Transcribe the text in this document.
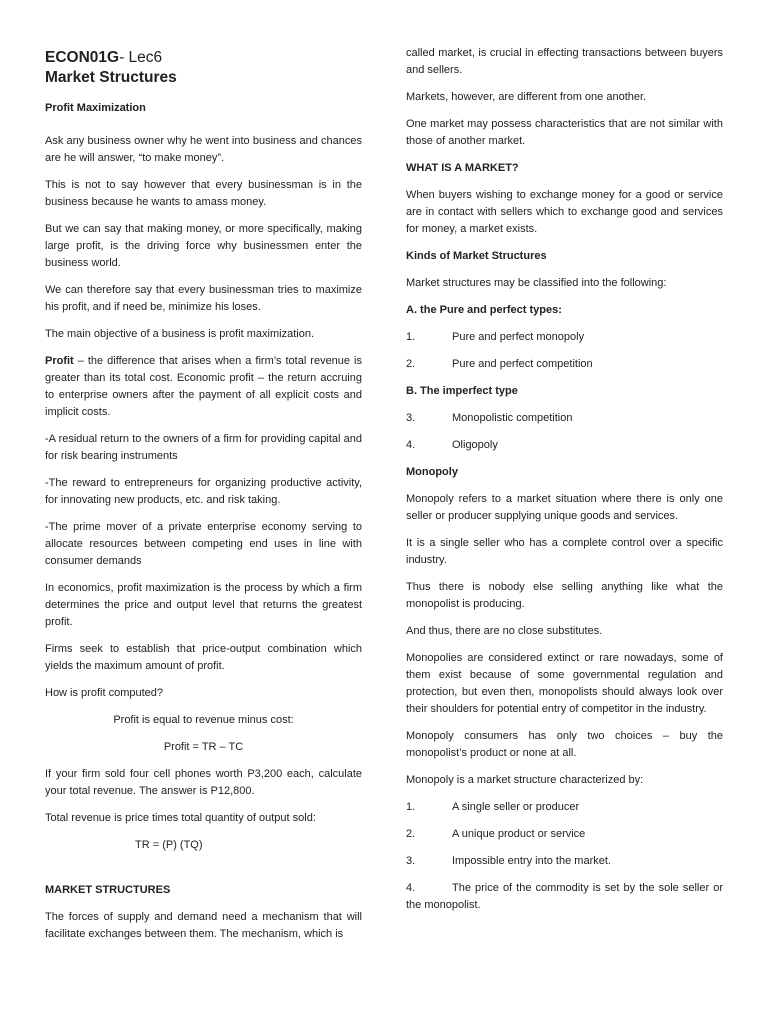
ECON01G- Lec6
Market Structures

Profit Maximization

Ask any business owner why he went into business and chances are he will answer, “to make money”.

This is not to say however that every businessman is in the business because he wants to amass money.

But we can say that making money, or more specifically, making large profit, is the driving force why businessmen enter the business world.

We can therefore say that every businessman tries to maximize his profit, and if need be, minimize his loses.

The main objective of a business is profit maximization.

Profit – the difference that arises when a firm’s total revenue is greater than its total cost. Economic profit – the return accruing to enterprise owners after the payment of all explicit costs and implicit costs.

-A residual return to the owners of a firm for providing capital and for risk bearing instruments

-The reward to entrepreneurs for organizing productive activity, for innovating new products, etc. and risk taking.

-The prime mover of a private enterprise economy serving to allocate resources between competing end uses in line with consumer demands

In economics, profit maximization is the process by which a firm determines the price and output level that returns the greatest profit.

Firms seek to establish that price-output combination which yields the maximum amount of profit.

How is profit computed?

Profit is equal to revenue minus cost:

Profit = TR – TC

If your firm sold four cell phones worth P3,200 each, calculate your total revenue. The answer is P12,800.

Total revenue is price times total quantity of output sold:

TR = (P) (TQ)

MARKET STRUCTURES

The forces of supply and demand need a mechanism that will facilitate exchanges between them. The mechanism, which is

called market, is crucial in effecting transactions between buyers and sellers.

Markets, however, are different from one another.

One market may possess characteristics that are not similar with those of another market.

WHAT IS A MARKET?

When buyers wishing to exchange money for a good or service are in contact with sellers which to exchange good and services for money, a market exists.

Kinds of Market Structures

Market structures may be classified into the following:

A. the Pure and perfect types:

1.	Pure and perfect monopoly
2.	Pure and perfect competition

B. The imperfect type

3.	Monopolistic competition
4.	Oligopoly

Monopoly

Monopoly refers to a market situation where there is only one seller or producer supplying unique goods and services.

It is a single seller who has a complete control over a specific industry.

Thus there is nobody else selling anything like what the monopolist is producing.

And thus, there are no close substitutes.

Monopolies are considered extinct or rare nowadays, some of them exist because of some governmental regulation and protection, but even then, monopolists should always look over their shoulders for potential entry of competitor in the industry.

Monopoly consumers has only two choices – buy the monopolist’s product or none at all.

Monopoly is a market structure characterized by:

1.	A single seller or producer
2.	A unique product or service
3.	Impossible entry into the market.

4.	The price of the commodity is set by the sole seller or the monopolist.
